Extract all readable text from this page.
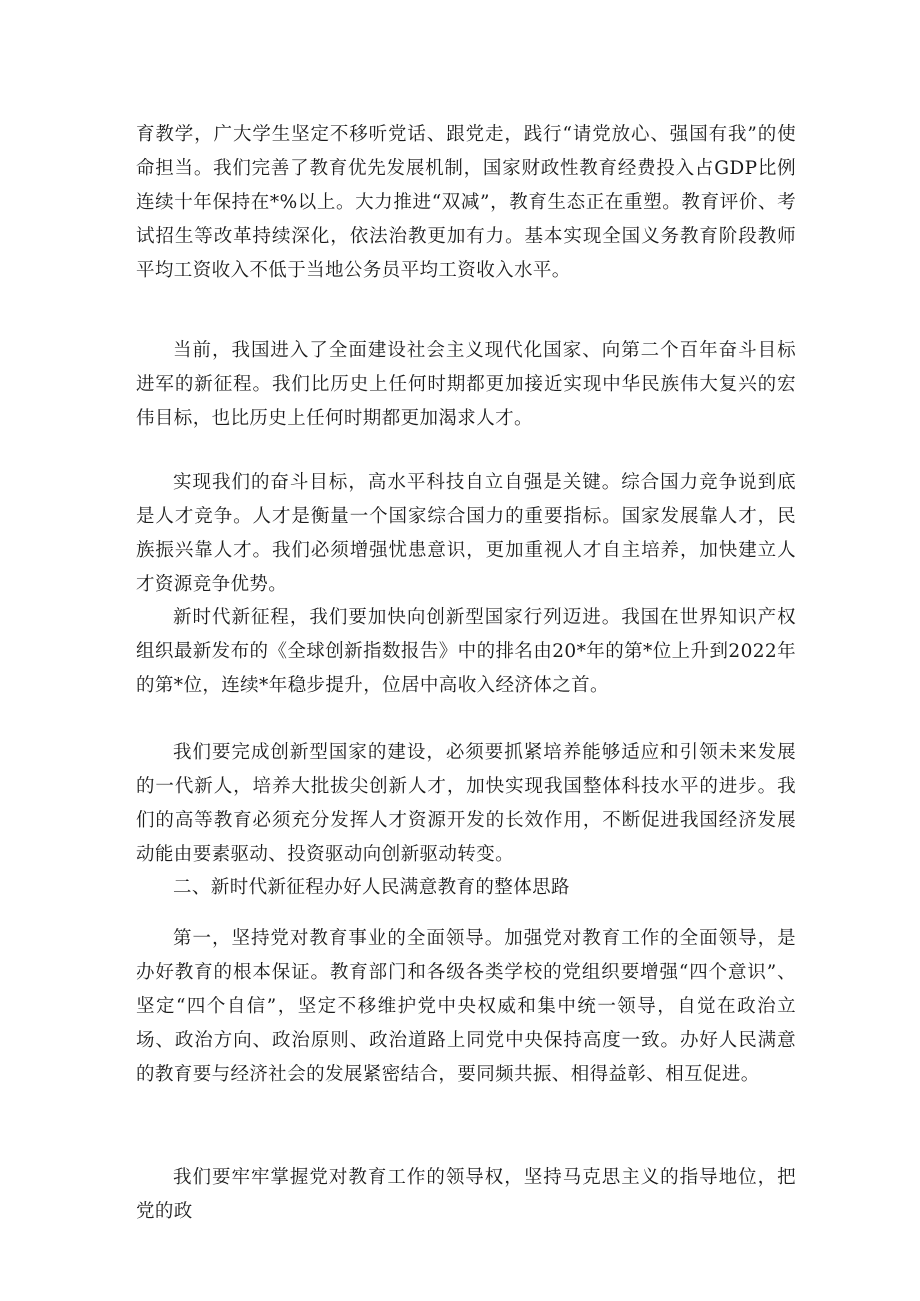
育教学，广大学生坚定不移听党话、跟党走，践行“请党放心、强国有我”的使命担当。我们完善了教育优先发展机制，国家财政性教育经费投入占GDP比例连续十年保持在*%以上。大力推进“双减”，教育生态正在重塑。教育评价、考试招生等改革持续深化，依法治教更加有力。基本实现全国义务教育阶段教师平均工资收入不低于当地公务员平均工资收入水平。

当前，我国进入了全面建设社会主义现代化国家、向第二个百年奋斗目标进军的新征程。我们比历史上任何时期都更加接近实现中华民族伟大复兴的宏伟目标，也比历史上任何时期都更加渴求人才。

实现我们的奋斗目标，高水平科技自立自强是关键。综合国力竞争说到底是人才竞争。人才是衡量一个国家综合国力的重要指标。国家发展靠人才，民族振兴靠人才。我们必须增强忧患意识，更加重视人才自主培养，加快建立人才资源竞争优势。

新时代新征程，我们要加快向创新型国家行列迈进。我国在世界知识产权组织最新发布的《全球创新指数报告》中的排名由20*年的第*位上升到2022年的第*位，连续*年稳步提升，位居中高收入经济体之首。

我们要完成创新型国家的建设，必须要抓紧培养能够适应和引领未来发展的一代新人，培养大批拔尖创新人才，加快实现我国整体科技水平的进步。我们的高等教育必须充分发挥人才资源开发的长效作用，不断促进我国经济发展动能由要素驱动、投资驱动向创新驱动转变。

二、新时代新征程办好人民满意教育的整体思路

第一，坚持党对教育事业的全面领导。加强党对教育工作的全面领导，是办好教育的根本保证。教育部门和各级各类学校的党组织要增强“四个意识”、坚定“四个自信”，坚定不移维护党中央权威和集中统一领导，自觉在政治立场、政治方向、政治原则、政治道路上同党中央保持高度一致。办好人民满意的教育要与经济社会的发展紧密结合，要同频共振、相得益彰、相互促进。

我们要牢牢掌握党对教育工作的领导权，坚持马克思主义的指导地位，把党的政
